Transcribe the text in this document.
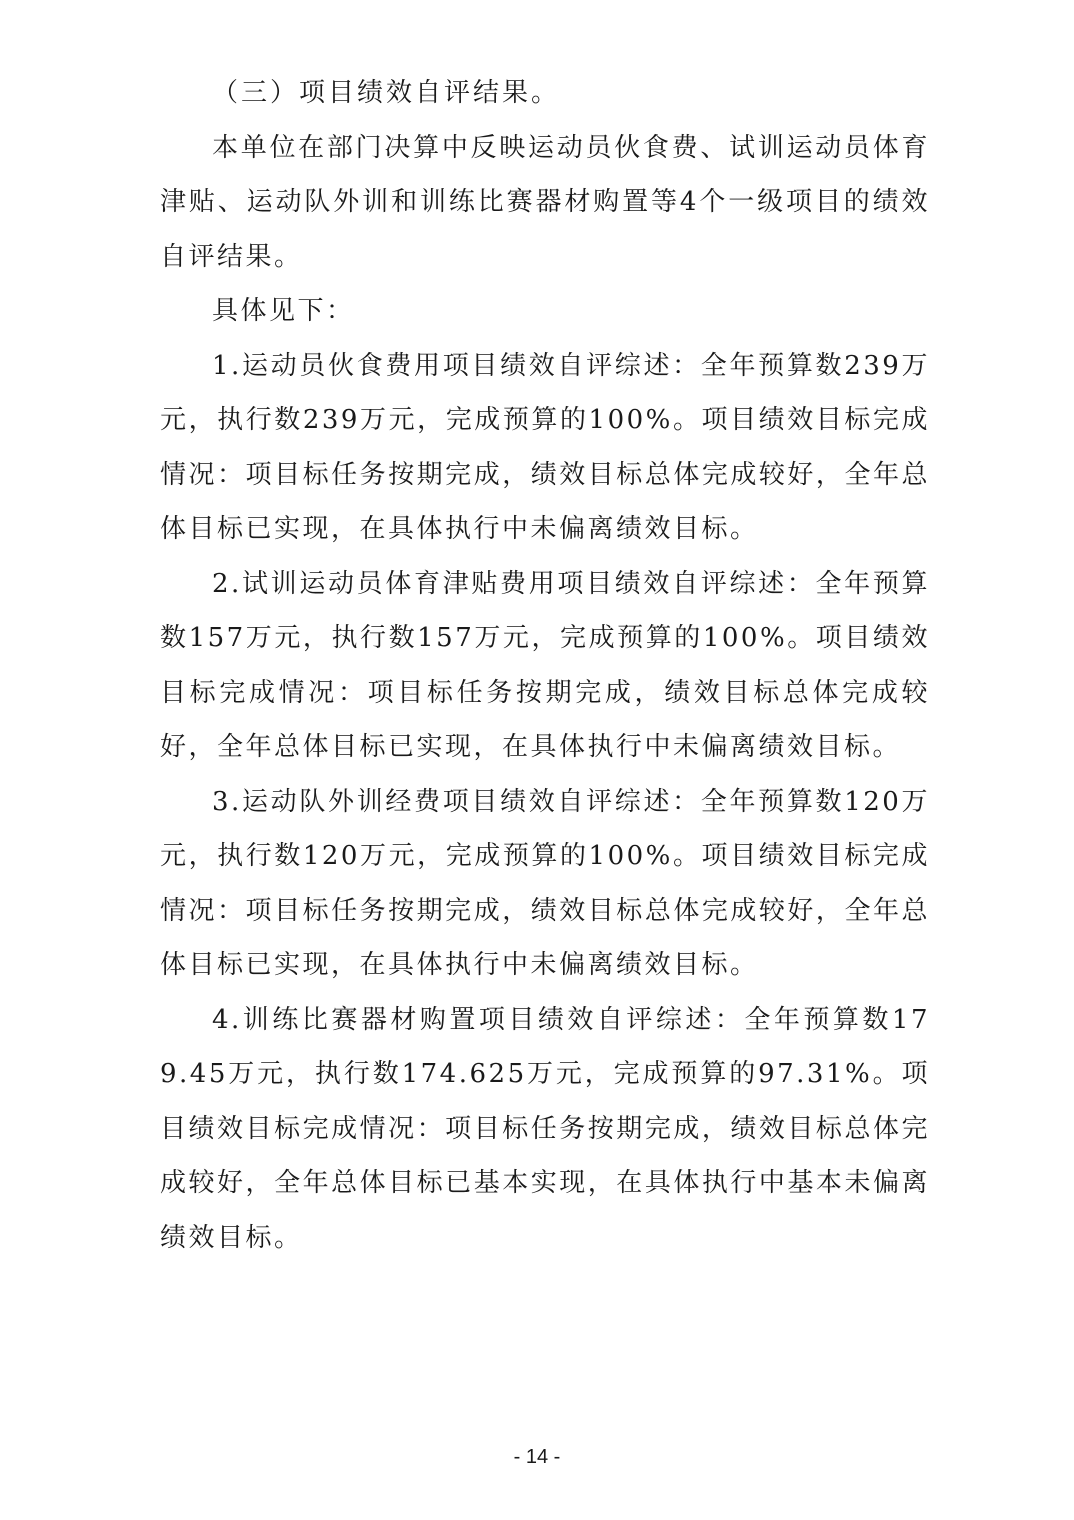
（三）项目绩效自评结果。

本单位在部门决算中反映运动员伙食费、试训运动员体育津贴、运动队外训和训练比赛器材购置等4个一级项目的绩效自评结果。

具体见下：

1.运动员伙食费用项目绩效自评综述：全年预算数239万元，执行数239万元，完成预算的100%。项目绩效目标完成情况：项目标任务按期完成，绩效目标总体完成较好，全年总体目标已实现，在具体执行中未偏离绩效目标。

2.试训运动员体育津贴费用项目绩效自评综述：全年预算数157万元，执行数157万元，完成预算的100%。项目绩效目标完成情况：项目标任务按期完成，绩效目标总体完成较好，全年总体目标已实现，在具体执行中未偏离绩效目标。

3.运动队外训经费项目绩效自评综述：全年预算数120万元，执行数120万元，完成预算的100%。项目绩效目标完成情况：项目标任务按期完成，绩效目标总体完成较好，全年总体目标已实现，在具体执行中未偏离绩效目标。

4.训练比赛器材购置项目绩效自评综述：全年预算数179.45万元，执行数174.625万元，完成预算的97.31%。项目绩效目标完成情况：项目标任务按期完成，绩效目标总体完成较好，全年总体目标已基本实现，在具体执行中基本未偏离绩效目标。

- 14 -
